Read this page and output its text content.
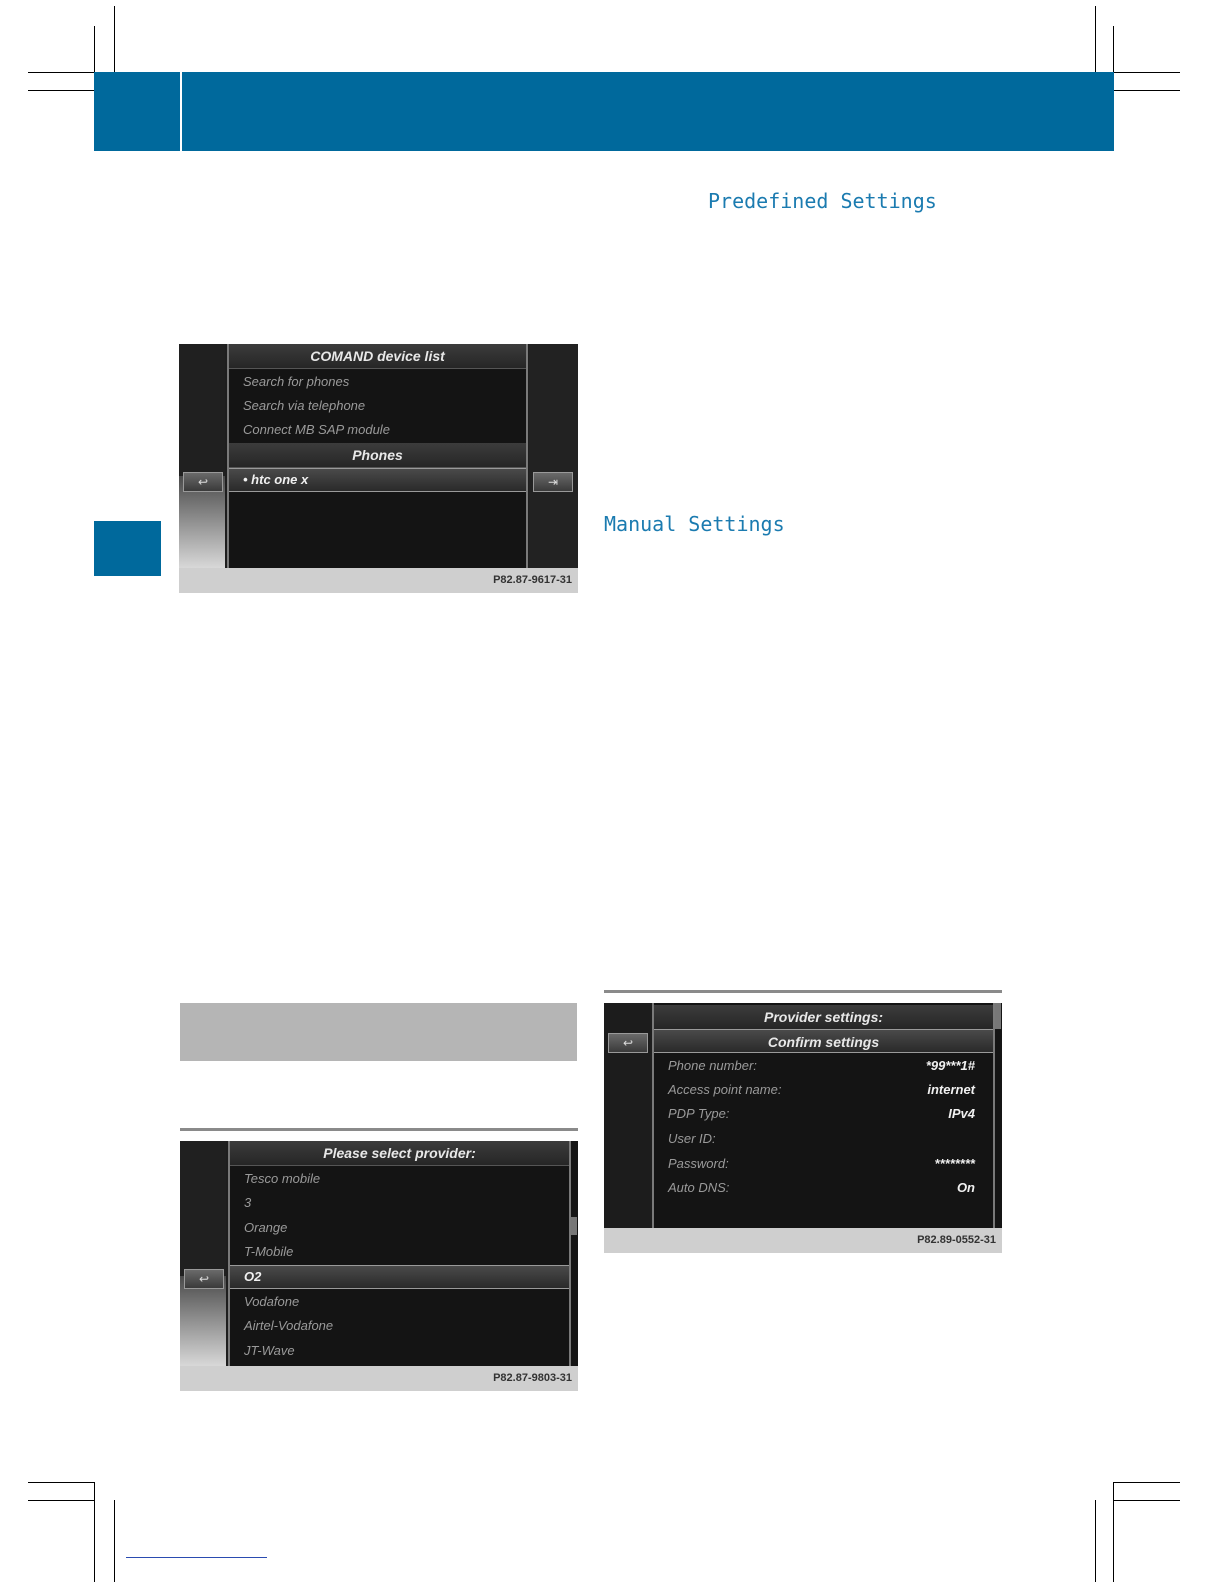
Predefined Settings
Manual Settings
↩	⇥
COMAND device list
Search for phones
Search via telephone
Connect MB SAP module
Phones
• htc one x
P82.87-9617-31
↩
Please select provider:
Tesco mobile
3
Orange
T-Mobile
O2
Vodafone
Airtel-Vodafone
JT-Wave
P82.87-9803-31
↩
Provider settings:
Confirm settings
Phone number:	*99***1#
Access point name:	internet
PDP Type:	IPv4
User ID:
Password:	********
Auto DNS:	On
P82.89-0552-31
